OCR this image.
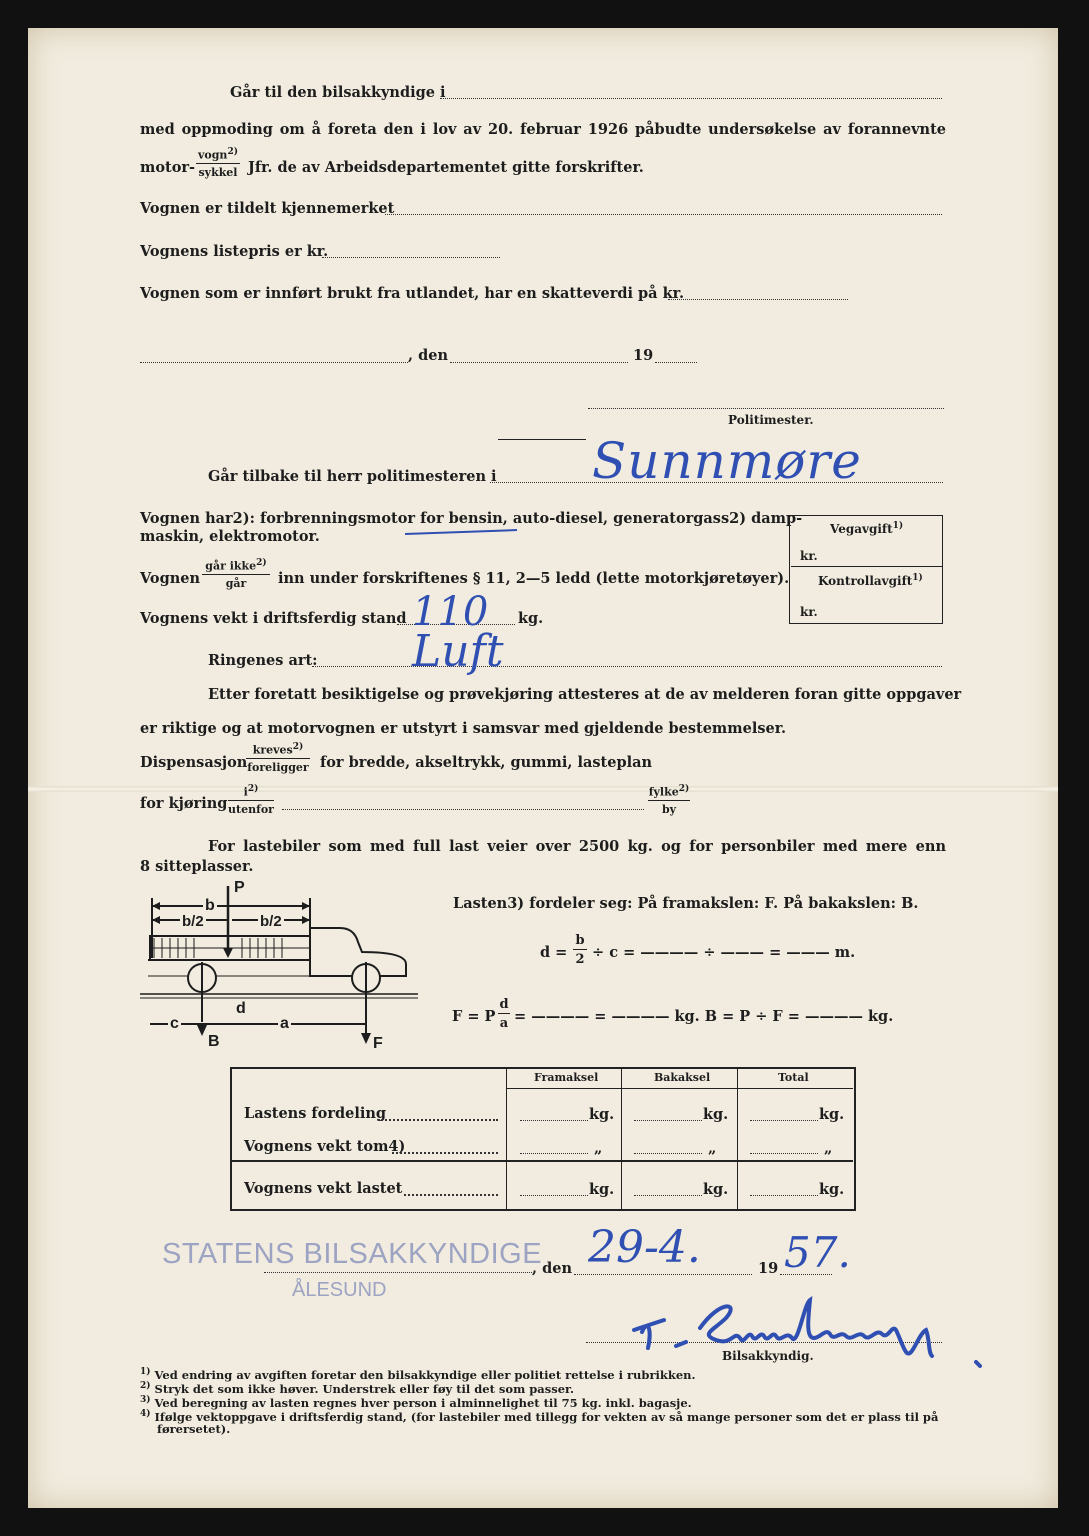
Går til den bilsakkyndige i
med oppmoding om å foreta den i lov av 20. februar 1926 påbudte undersøkelse av forannevnte
motor-
vogn$^{2)}$
sykkel Jfr. de av Arbeidsdepartementet gitte forskrifter.
Vognen er tildelt kjennemerket
Vognens listepris er kr.
Vognen som er innført brukt fra utlandet, har en skatteverdi på kr.
, den	19
Politimester.
Går tilbake til herr politimesteren i Sunnmøre
Vognen har2): forbrenningsmotor for bensin, auto-diesel, generatorgass2) damp-
maskin, elektromotor.
Vognen
går ikke$^{2)}$
går	inn under forskriftenes § 11, 2—5 ledd (lette motorkjøretøyer).
Vognens vekt i driftsferdig stand 110 kg.
Ringenes art: Luft
Vegavgift$^{1)}$
kr.
Kontrollavgift$^{1)}$
kr.
Etter foretatt besiktigelse og prøvekjøring attesteres at de av melderen foran gitte oppgaver
er riktige og at motorvognen er utstyrt i samsvar med gjeldende bestemmelser.
Dispensasjon
kreves$^{2)}$
foreligger for bredde, akseltrykk, gummi, lasteplan
for kjøring
$i^{2)}$
utenfor
fylke$^{2)}$
by
For lastebiler som med full last veier over 2500 kg. og for personbiler med mere enn
8 sitteplasser.
P
b
b/2	b/2
c
d
a
B	F
Lasten3) fordeler seg: På framakslen: F. På bakakslen: B.
$d = \frac{b}{2} \div c$ = ———— ÷ ——— = ——— m.
F = P $\frac{d}{a}$ = ———— = ———— kg. B = P ÷ F = ———— kg.
Framaksel	Bakaksel	Total
Lastens fordeling	kg.	kg.	kg.
Vognens vekt tom4)	„	„	„
Vognens vekt lastet	kg.	kg.	kg.
STATENS BILSAKKYNDIGE
ÅLESUND
, den 29-4.	19 57.
Bilsakkyndig.
$^{1)}$ Ved endring av avgiften foretar den bilsakkyndige eller politiet rettelse i rubrikken.
$^{2)}$ Stryk det som ikke høver. Understrek eller føy til det som passer.
$^{3)}$ Ved beregning av lasten regnes hver person i alminnelighet til 75 kg. inkl. bagasje.
$^{4)}$ Ifølge vektoppgave i driftsferdig stand, (for lastebiler med tillegg for vekten av så mange personer som det er plass til på
førersetet).
